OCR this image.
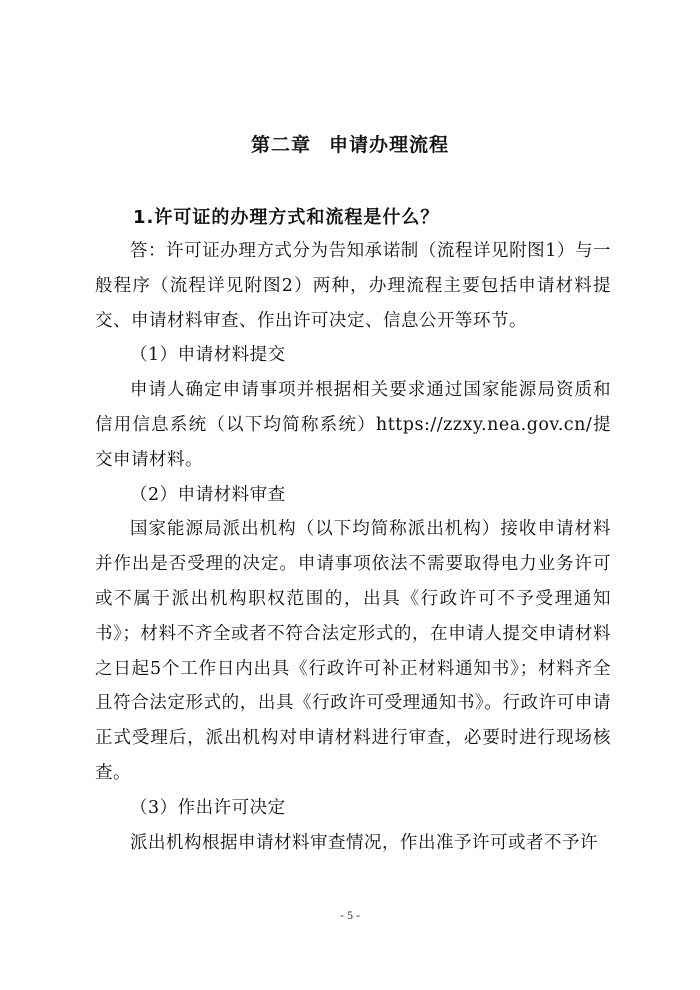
第二章 申请办理流程
1.许可证的办理方式和流程是什么？

答：许可证办理方式分为告知承诺制（流程详见附图1）与一般程序（流程详见附图2）两种，办理流程主要包括申请材料提交、申请材料审查、作出许可决定、信息公开等环节。

（1）申请材料提交

申请人确定申请事项并根据相关要求通过国家能源局资质和信用信息系统（以下均简称系统）https://zzxy.nea.gov.cn/提交申请材料。

（2）申请材料审查

国家能源局派出机构（以下均简称派出机构）接收申请材料并作出是否受理的决定。申请事项依法不需要取得电力业务许可或不属于派出机构职权范围的，出具《行政许可不予受理通知书》；材料不齐全或者不符合法定形式的，在申请人提交申请材料之日起5个工作日内出具《行政许可补正材料通知书》；材料齐全且符合法定形式的，出具《行政许可受理通知书》。行政许可申请正式受理后，派出机构对申请材料进行审查，必要时进行现场核查。

（3）作出许可决定

派出机构根据申请材料审查情况，作出准予许可或者不予许

- 5 -
